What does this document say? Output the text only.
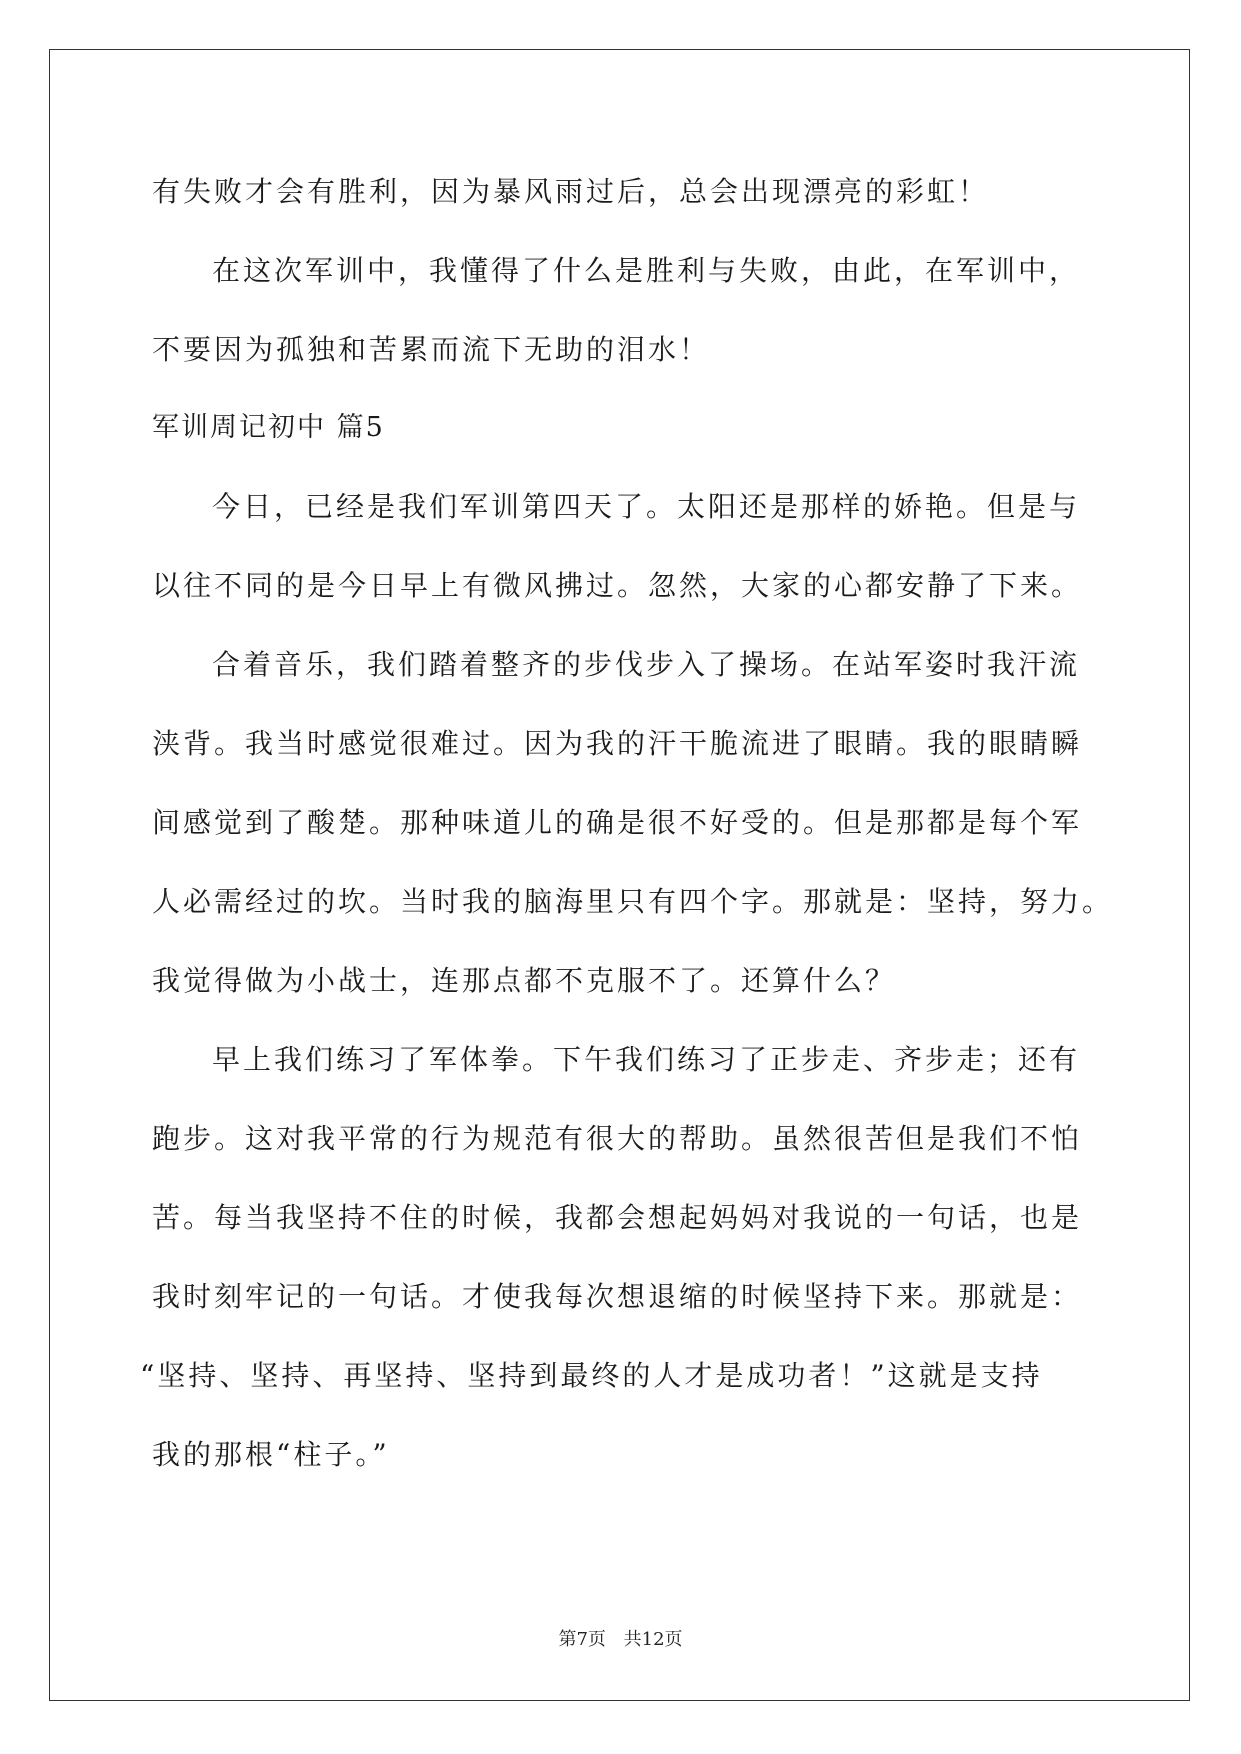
有失败才会有胜利，因为暴风雨过后，总会出现漂亮的彩虹！
在这次军训中，我懂得了什么是胜利与失败，由此，在军训中，
不要因为孤独和苦累而流下无助的泪水！
军训周记初中 篇5
今日，已经是我们军训第四天了。太阳还是那样的娇艳。但是与
以往不同的是今日早上有微风拂过。忽然，大家的心都安静了下来。
合着音乐，我们踏着整齐的步伐步入了操场。在站军姿时我汗流
浃背。我当时感觉很难过。因为我的汗干脆流进了眼睛。我的眼睛瞬
间感觉到了酸楚。那种味道儿的确是很不好受的。但是那都是每个军
人必需经过的坎。当时我的脑海里只有四个字。那就是：坚持，努力。
我觉得做为小战士，连那点都不克服不了。还算什么？
早上我们练习了军体拳。下午我们练习了正步走、齐步走；还有
跑步。这对我平常的行为规范有很大的帮助。虽然很苦但是我们不怕
苦。每当我坚持不住的时候，我都会想起妈妈对我说的一句话，也是
我时刻牢记的一句话。才使我每次想退缩的时候坚持下来。那就是：
“坚持、坚持、再坚持、坚持到最终的人才是成功者！”这就是支持
我的那根“柱子。”
第7页 共12页
